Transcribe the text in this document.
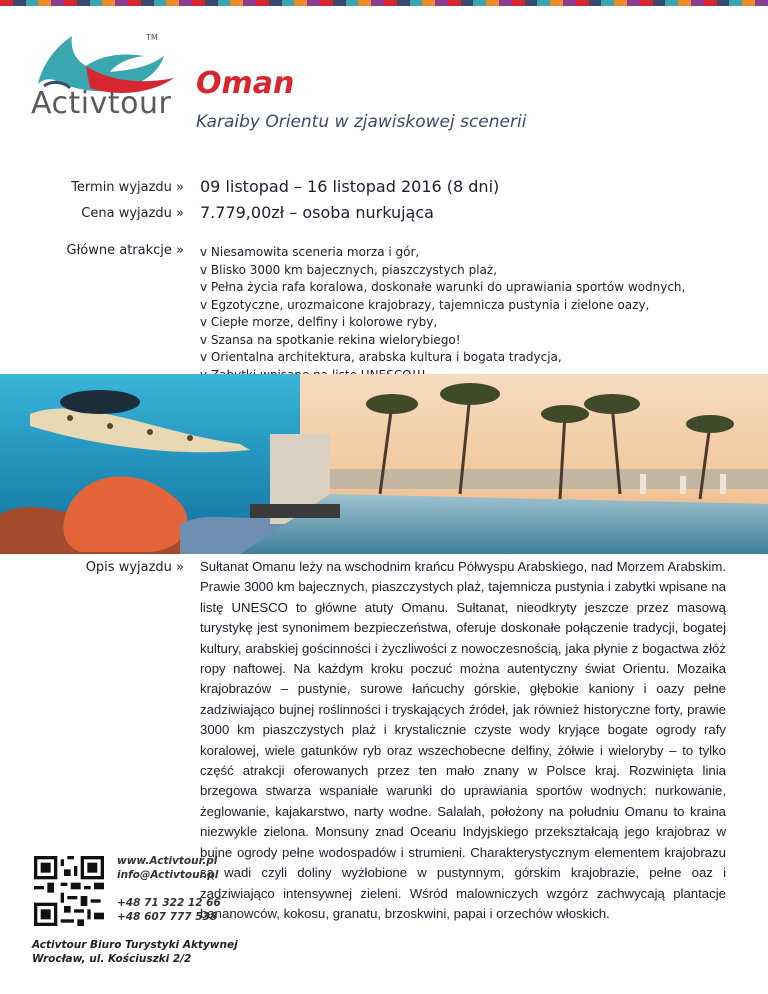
TM
Activtour
Oman
Karaiby Orientu w zjawiskowej scenerii
Termin wyjazdu » 09 listopad – 16 listopad 2016 (8 dni)
Cena wyjazdu » 7.779,00zł – osoba nurkująca
Główne atrakcje » v Niesamowita sceneria morza i gór,
v Blisko 3000 km bajecznych, piaszczystych plaż,
v Pełna życia rafa koralowa, doskonałe warunki do uprawiania sportów wodnych,
v Egzotyczne, urozmaicone krajobrazy, tajemnicza pustynia i zielone oazy,
v Ciepłe morze, delfiny i kolorowe ryby,
v Szansa na spotkanie rekina wielorybiego!
v Orientalna architektura, arabska kultura i bogata tradycja,
Opis wyjazdu » Sułtanat Omanu leży na wschodnim krańcu Półwyspu Arabskiego, nad Morzem Arabskim. Prawie 3000 km bajecznych, piaszczystych plaż, tajemnicza pustynia i zabytki wpisane na listę UNESCO to główne atuty Omanu. Sułtanat, nieodkryty jeszcze przez masową turystykę jest synonimem bezpieczeństwa, oferuje doskonałe połączenie tradycji, bogatej kultury, arabskiej gościnności i życzliwości z nowoczesnością, jaka płynie z bogactwa złóż ropy naftowej. Na każdym kroku poczuć można autentyczny świat Orientu. Mozaika krajobrazów – pustynie, surowe łańcuchy górskie, głębokie kaniony i oazy pełne zadziwiająco bujnej roślinności i tryskających źródeł, jak również historyczne forty, prawie 3000 km piaszczystych plaż i krystalicznie czyste wody kryjące bogate ogrody rafy koralowej, wiele gatunków ryb oraz wszechobecne delfiny, żółwie i wieloryby – to tylko część atrakcji oferowanych przez ten mało znany w Polsce kraj. Rozwinięta linia brzegowa stwarza wspaniałe warunki do uprawiania sportów wodnych: nurkowanie, żeglowanie, kajakarstwo, narty wodne. Salalah, położony na południu Omanu to kraina niezwykle zielona. Monsuny znad Oceanu Indyjskiego przekształcają jego krajobraz w bujne ogrody pełne wodospadów i strumieni. Charakterystycznym elementem krajobrazu są wadi czyli doliny wyżłobione w pustynnym, górskim krajobrazie, pełne oaz i zadziwiająco intensywnej zieleni. Wśród malowniczych wzgórz zachwycają plantacje bananowców, kokosu, granatu, brzoskwini, papai i orzechów włoskich.

www.Activtour.pl
info@Activtour.pl
+48 71 322 12 66
+48 607 777 538
Activtour Biuro Turystyki Aktywnej
Wrocław, ul. Kościuszki 2/2
